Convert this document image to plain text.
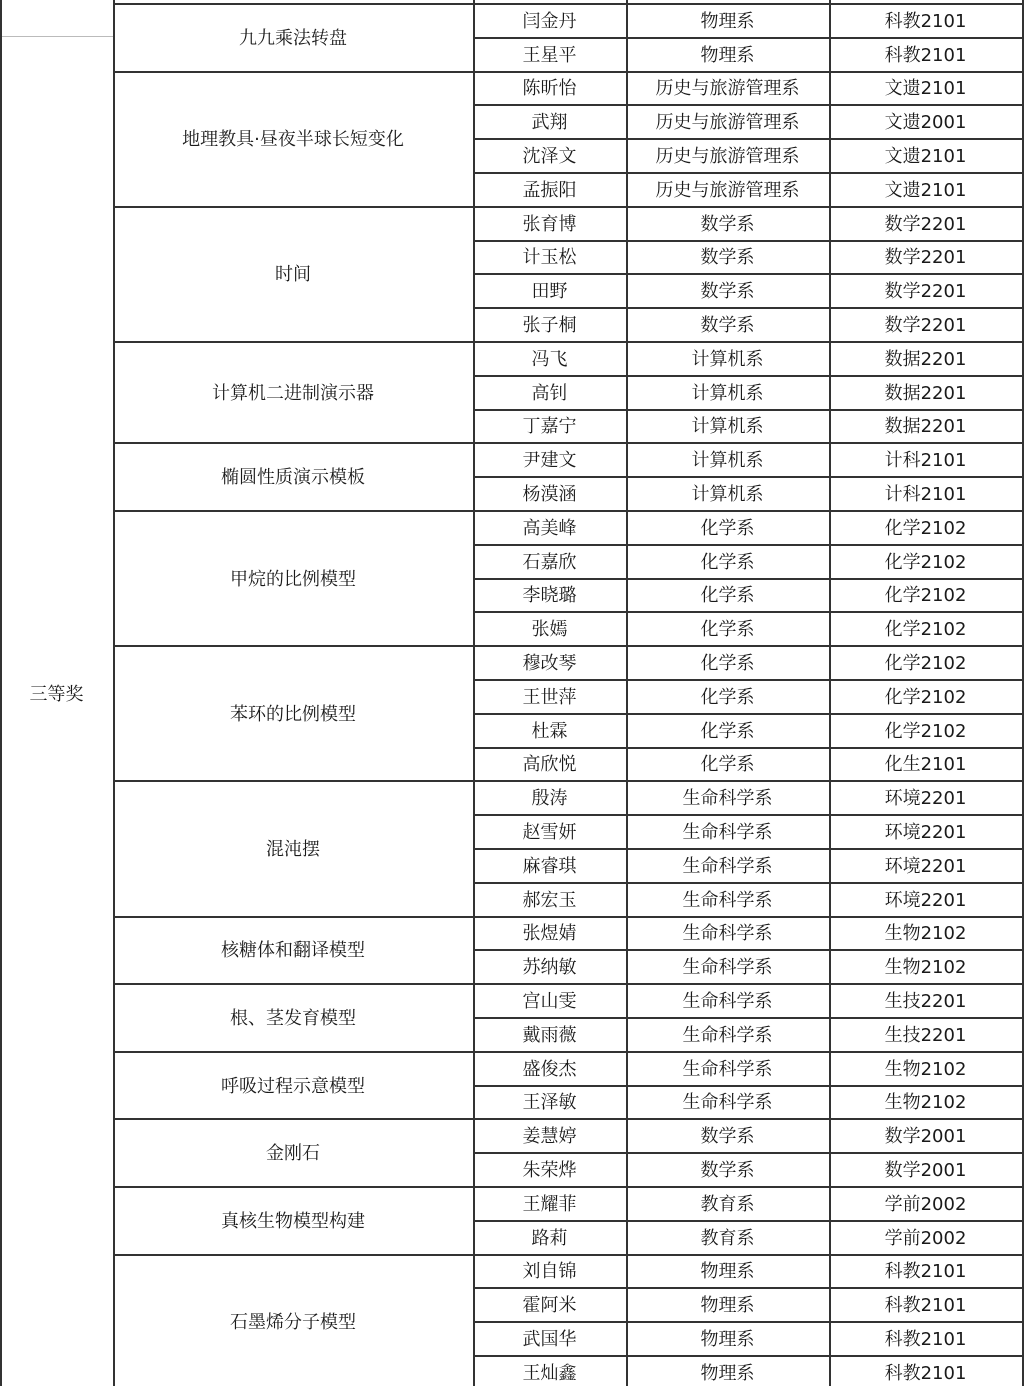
三等奖
九九乘法转盘
闫金丹	物理系	科教2101
王星平	物理系	科教2101
地理教具·昼夜半球长短变化
陈昕怡	历史与旅游管理系	文遗2101
武翔	历史与旅游管理系	文遗2001
沈泽文	历史与旅游管理系	文遗2101
孟振阳	历史与旅游管理系	文遗2101
时间
张育博	数学系	数学2201
计玉松	数学系	数学2201
田野	数学系	数学2201
张子桐	数学系	数学2201
计算机二进制演示器
冯飞	计算机系	数据2201
高钊	计算机系	数据2201
丁嘉宁	计算机系	数据2201
椭圆性质演示模板
尹建文	计算机系	计科2101
杨漠涵	计算机系	计科2101
甲烷的比例模型
高美峰	化学系	化学2102
石嘉欣	化学系	化学2102
李晓璐	化学系	化学2102
张嫣	化学系	化学2102
苯环的比例模型
穆改琴	化学系	化学2102
王世萍	化学系	化学2102
杜霖	化学系	化学2102
高欣悦	化学系	化生2101
混沌摆
殷涛	生命科学系	环境2201
赵雪妍	生命科学系	环境2201
麻睿琪	生命科学系	环境2201
郝宏玉	生命科学系	环境2201
核糖体和翻译模型
张煜婧	生命科学系	生物2102
苏纳敏	生命科学系	生物2102
根、茎发育模型
宫山雯	生命科学系	生技2201
戴雨薇	生命科学系	生技2201
呼吸过程示意模型
盛俊杰	生命科学系	生物2102
王泽敏	生命科学系	生物2102
金刚石
姜慧婷	数学系	数学2001
朱荣烨	数学系	数学2001
真核生物模型构建
王耀菲	教育系	学前2002
路莉	教育系	学前2002
石墨烯分子模型
刘自锦	物理系	科教2101
霍阿米	物理系	科教2101
武国华	物理系	科教2101
王灿鑫	物理系	科教2101
